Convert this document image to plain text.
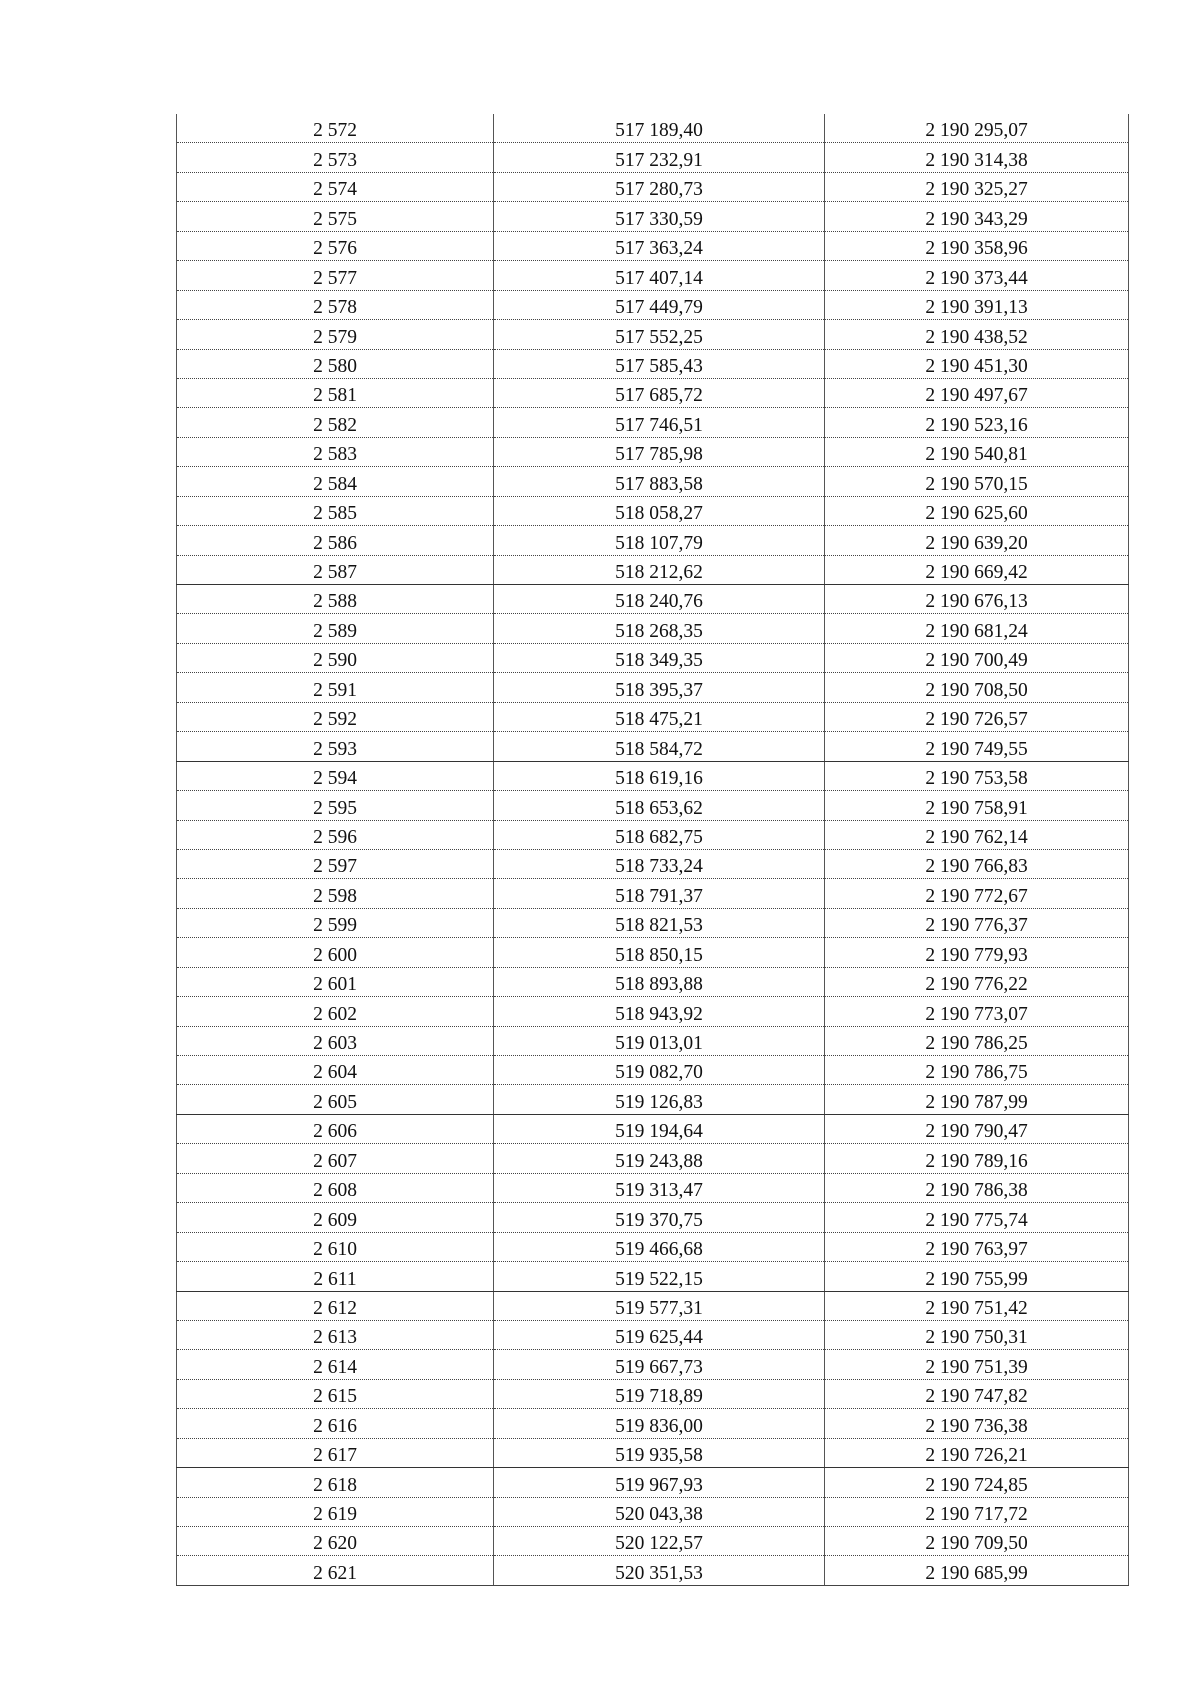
2 572	517 189,40	2 190 295,07
2 573	517 232,91	2 190 314,38
2 574	517 280,73	2 190 325,27
2 575	517 330,59	2 190 343,29
2 576	517 363,24	2 190 358,96
2 577	517 407,14	2 190 373,44
2 578	517 449,79	2 190 391,13
2 579	517 552,25	2 190 438,52
2 580	517 585,43	2 190 451,30
2 581	517 685,72	2 190 497,67
2 582	517 746,51	2 190 523,16
2 583	517 785,98	2 190 540,81
2 584	517 883,58	2 190 570,15
2 585	518 058,27	2 190 625,60
2 586	518 107,79	2 190 639,20
2 587	518 212,62	2 190 669,42
2 588	518 240,76	2 190 676,13
2 589	518 268,35	2 190 681,24
2 590	518 349,35	2 190 700,49
2 591	518 395,37	2 190 708,50
2 592	518 475,21	2 190 726,57
2 593	518 584,72	2 190 749,55
2 594	518 619,16	2 190 753,58
2 595	518 653,62	2 190 758,91
2 596	518 682,75	2 190 762,14
2 597	518 733,24	2 190 766,83
2 598	518 791,37	2 190 772,67
2 599	518 821,53	2 190 776,37
2 600	518 850,15	2 190 779,93
2 601	518 893,88	2 190 776,22
2 602	518 943,92	2 190 773,07
2 603	519 013,01	2 190 786,25
2 604	519 082,70	2 190 786,75
2 605	519 126,83	2 190 787,99
2 606	519 194,64	2 190 790,47
2 607	519 243,88	2 190 789,16
2 608	519 313,47	2 190 786,38
2 609	519 370,75	2 190 775,74
2 610	519 466,68	2 190 763,97
2 611	519 522,15	2 190 755,99
2 612	519 577,31	2 190 751,42
2 613	519 625,44	2 190 750,31
2 614	519 667,73	2 190 751,39
2 615	519 718,89	2 190 747,82
2 616	519 836,00	2 190 736,38
2 617	519 935,58	2 190 726,21
2 618	519 967,93	2 190 724,85
2 619	520 043,38	2 190 717,72
2 620	520 122,57	2 190 709,50
2 621	520 351,53	2 190 685,99
